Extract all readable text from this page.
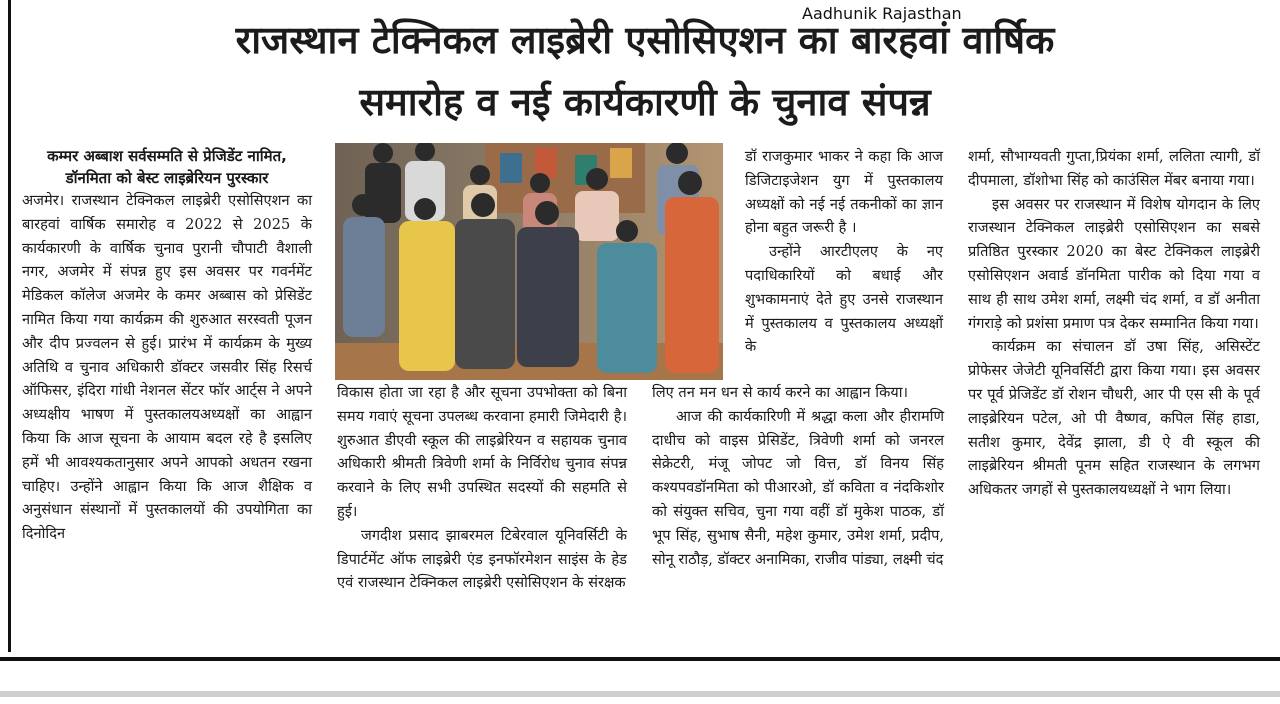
Aadhunik Rajasthan
राजस्थान टेक्निकल लाइब्रेरी एसोसिएशन का बारहवां वार्षिक
समारोह व नई कार्यकारणी के चुनाव संपन्न

कम्मर अब्बाश सर्वसम्मति से प्रेजिडेंट नामित, डॉनमिता को बेस्ट लाइब्रेरियन पुरस्कार

अजमेर। राजस्थान टेक्निकल लाइब्रेरी एसोसिएशन का बारहवां वार्षिक समारोह व 2022 से 2025 के कार्यकारणी के वार्षिक चुनाव पुरानी चौपाटी वैशाली नगर, अजमेर में संपन्न हुए इस अवसर पर गवर्नमेंट मेडिकल कॉलेज अजमेर के कमर अब्बास को प्रेसिडेंट नामित किया गया कार्यक्रम की शुरुआत सरस्वती पूजन और दीप प्रज्वलन से हुई। प्रारंभ में कार्यक्रम के मुख्य अतिथि व चुनाव अधिकारी डॉक्टर जसवीर सिंह रिसर्च ऑफिसर, इंदिरा गांधी नेशनल सेंटर फॉर आर्ट्स ने अपने अध्यक्षीय भाषण में पुस्तकालयअध्यक्षों का आह्वान किया कि आज सूचना के आयाम बदल रहे है इसलिए हमें भी आवश्यकतानुसार अपने आपको अधतन रखना चाहिए। उन्होंने आह्वान किया कि आज शैक्षिक व अनुसंधान संस्थानों में पुस्तकालयों की उपयोगिता का दिनोदिन

विकास होता जा रहा है और सूचना उपभोक्ता को बिना समय गवाएं सूचना उपलब्ध करवाना हमारी जिमेदारी है। शुरुआत डीएवी स्कूल की लाइब्रेरियन व सहायक चुनाव अधिकारी श्रीमती त्रिवेणी शर्मा के निर्विरोध चुनाव संपन्न करवाने के लिए सभी उपस्थित सदस्यों की सहमति से हुई।

जगदीश प्रसाद झाबरमल टिबेरवाल यूनिवर्सिटी के डिपार्टमेंट ऑफ लाइब्रेरी एंड इनफॉरमेशन साइंस के हेड एवं राजस्थान टेक्निकल लाइब्रेरी एसोसिएशन के संरक्षक

डॉ राजकुमार भाकर ने कहा कि आज डिजिटाइजेशन युग में पुस्तकालय अध्यक्षों को नई नई तकनीकों का ज्ञान होना बहुत जरूरी है ।

उन्होंने आरटीएलए के नए पदाधिकारियों को बधाई और शुभकामनाएं देते हुए उनसे राजस्थान में पुस्तकालय व पुस्तकालय अध्यक्षों के

लिए तन मन धन से कार्य करने का आह्वान किया।

आज की कार्यकारिणी में श्रद्धा कला और हीरामणि दाधीच को वाइस प्रेसिडेंट, त्रिवेणी शर्मा को जनरल सेक्रेटरी, मंजू जोपट जो वित्त, डॉ विनय सिंह कश्यपवडॉनमिता को पीआरओ, डॉ कविता व नंदकिशोर को संयुक्त सचिव, चुना गया वहीं डॉ मुकेश पाठक, डॉ भूप सिंह, सुभाष सैनी, महेश कुमार, उमेश शर्मा, प्रदीप, सोनू राठौड़, डॉक्टर अनामिका, राजीव पांड्या, लक्ष्मी चंद

शर्मा, सौभाग्यवती गुप्ता,प्रियंका शर्मा, ललिता त्यागी, डॉ दीपमाला, डॉशोभा सिंह को काउंसिल मेंबर बनाया गया।

इस अवसर पर राजस्थान में विशेष योगदान के लिए राजस्थान टेक्निकल लाइब्रेरी एसोसिएशन का सबसे प्रतिष्ठित पुरस्कार 2020 का बेस्ट टेक्निकल लाइब्रेरी एसोसिएशन अवार्ड डॉनमिता पारीक को दिया गया व साथ ही साथ उमेश शर्मा, लक्ष्मी चंद शर्मा, व डॉ अनीता गंगराड़े को प्रशंसा प्रमाण पत्र देकर सम्मानित किया गया।

कार्यक्रम का संचालन डॉ उषा सिंह, असिस्टेंट प्रोफेसर जेजेटी यूनिवर्सिटी द्वारा किया गया। इस अवसर पर पूर्व प्रेजिडेंट डॉ रोशन चौधरी, आर पी एस सी के पूर्व लाइब्रेरियन पटेल, ओ पी वैष्णव, कपिल सिंह हाडा, सतीश कुमार, देवेंद्र झाला, डी ऐ वी स्कूल की लाइब्रेरियन श्रीमती पूनम सहित राजस्थान के लगभग अधिकतर जगहों से पुस्तकालयध्यक्षों ने भाग लिया।
